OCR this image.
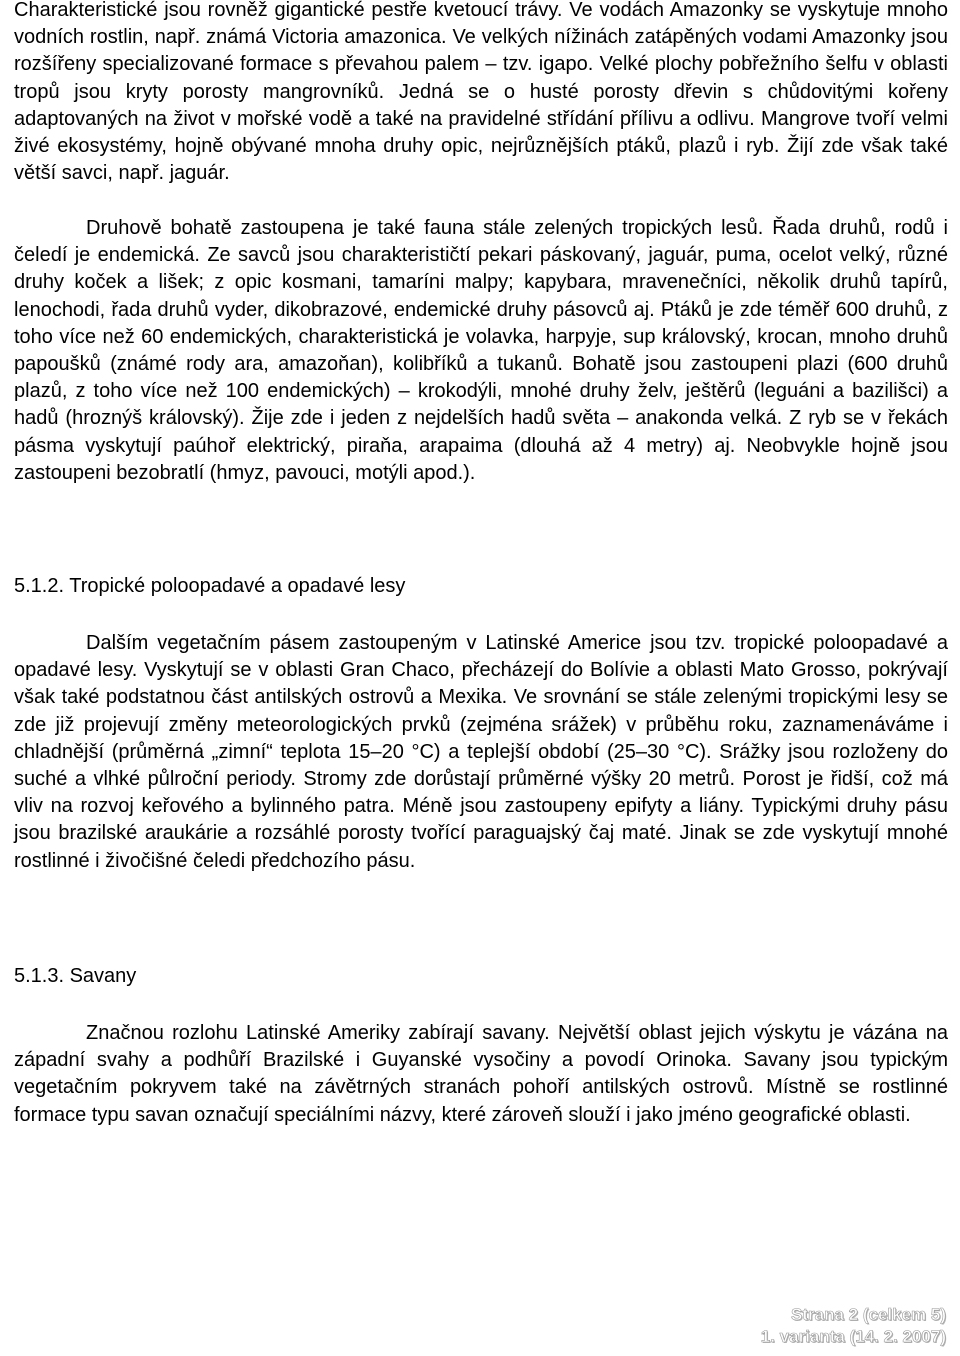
Charakteristické jsou rovněž gigantické pestře kvetoucí trávy. Ve vodách Amazonky se vyskytuje mnoho vodních rostlin, např. známá Victoria amazonica. Ve velkých nížinách zatápěných vodami Amazonky jsou rozšířeny specializované formace s převahou palem – tzv. igapo. Velké plochy pobřežního šelfu v oblasti tropů jsou kryty porosty mangrovníků. Jedná se o husté porosty dřevin s chůdovitými kořeny adaptovaných na život v mořské vodě a také na pravidelné střídání přílivu a odlivu. Mangrove tvoří velmi živé ekosystémy, hojně obývané mnoha druhy opic, nejrůznějších ptáků, plazů i ryb. Žijí zde však také větší savci, např. jaguár.

Druhově bohatě zastoupena je také fauna stále zelených tropických lesů. Řada druhů, rodů i čeledí je endemická. Ze savců jsou charakterističtí pekari páskovaný, jaguár, puma, ocelot velký, různé druhy koček a lišek; z opic kosmani, tamaríni malpy; kapybara, mravenečníci, několik druhů tapírů, lenochodi, řada druhů vyder, dikobrazové, endemické druhy pásovců aj. Ptáků je zde téměř 600 druhů, z toho více než 60 endemických, charakteristická je volavka, harpyje, sup královský, krocan, mnoho druhů papoušků (známé rody ara, amazoňan), kolibříků a tukanů. Bohatě jsou zastoupeni plazi (600 druhů plazů, z toho více než 100 endemických) – krokodýli, mnohé druhy želv, ještěrů (leguáni a bazilišci) a hadů (hroznýš královský). Žije zde i jeden z nejdelších hadů světa – anakonda velká. Z ryb se v řekách pásma vyskytují paúhoř elektrický, piraňa, arapaima (dlouhá až 4 metry) aj. Neobvykle hojně jsou zastoupeni bezobratlí (hmyz, pavouci, motýli apod.).

5.1.2. Tropické poloopadavé a opadavé lesy

Dalším vegetačním pásem zastoupeným v Latinské Americe jsou tzv. tropické poloopadavé a opadavé lesy. Vyskytují se v oblasti Gran Chaco, přecházejí do Bolívie a oblasti Mato Grosso, pokrývají však také podstatnou část antilských ostrovů a Mexika. Ve srovnání se stále zelenými tropickými lesy se zde již projevují změny meteorologických prvků (zejména srážek) v průběhu roku, zaznamenáváme i chladnější (průměrná „zimní“ teplota 15–20 °C) a teplejší období (25–30 °C). Srážky jsou rozloženy do suché a vlhké půlroční periody. Stromy zde dorůstají průměrné výšky 20 metrů. Porost je řidší, což má vliv na rozvoj keřového a bylinného patra. Méně jsou zastoupeny epifyty a liány. Typickými druhy pásu jsou brazilské araukárie a rozsáhlé porosty tvořící paraguajský čaj maté. Jinak se zde vyskytují mnohé rostlinné i živočišné čeledi předchozího pásu.

5.1.3. Savany

Značnou rozlohu Latinské Ameriky zabírají savany. Největší oblast jejich výskytu je vázána na západní svahy a podhůří Brazilské i Guyanské vysočiny a povodí Orinoka. Savany jsou typickým vegetačním pokryvem také na závětrných stranách pohoří antilských ostrovů. Místně se rostlinné formace typu savan označují speciálními názvy, které zároveň slouží i jako jméno geografické oblasti.

Strana 2 (celkem 5)
1. varianta (14. 2. 2007)
